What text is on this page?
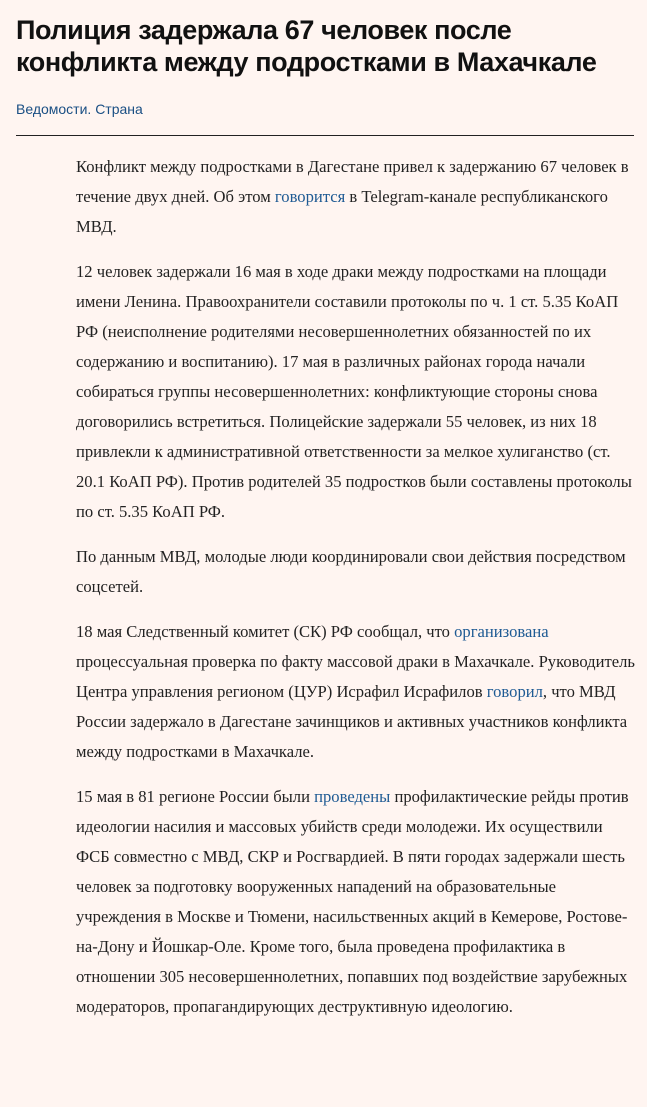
Полиция задержала 67 человек после конфликта между подростками в Махачкале
Ведомости. Страна

Конфликт между подростками в Дагестане привел к задержанию 67 человек в течение двух дней. Об этом говорится в Telegram-канале республиканского МВД.

12 человек задержали 16 мая в ходе драки между подростками на площади имени Ленина. Правоохранители составили протоколы по ч. 1 ст. 5.35 КоАП РФ (неисполнение родителями несовершеннолетних обязанностей по их содержанию и воспитанию). 17 мая в различных районах города начали собираться группы несовершеннолетних: конфликтующие стороны снова договорились встретиться. Полицейские задержали 55 человек, из них 18 привлекли к административной ответственности за мелкое хулиганство (ст. 20.1 КоАП РФ). Против родителей 35 подростков были составлены протоколы по ст. 5.35 КоАП РФ.

По данным МВД, молодые люди координировали свои действия посредством соцсетей.

18 мая Следственный комитет (СК) РФ сообщал, что организована процессуальная проверка по факту массовой драки в Махачкале. Руководитель Центра управления регионом (ЦУР) Исрафил Исрафилов говорил, что МВД России задержало в Дагестане зачинщиков и активных участников конфликта между подростками в Махачкале.

15 мая в 81 регионе России были проведены профилактические рейды против идеологии насилия и массовых убийств среди молодежи. Их осуществили ФСБ совместно с МВД, СКР и Росгвардией. В пяти городах задержали шесть человек за подготовку вооруженных нападений на образовательные учреждения в Москве и Тюмени, насильственных акций в Кемерове, Ростове-на-Дону и Йошкар-Оле. Кроме того, была проведена профилактика в отношении 305 несовершеннолетних, попавших под воздействие зарубежных модераторов, пропагандирующих деструктивную идеологию.
